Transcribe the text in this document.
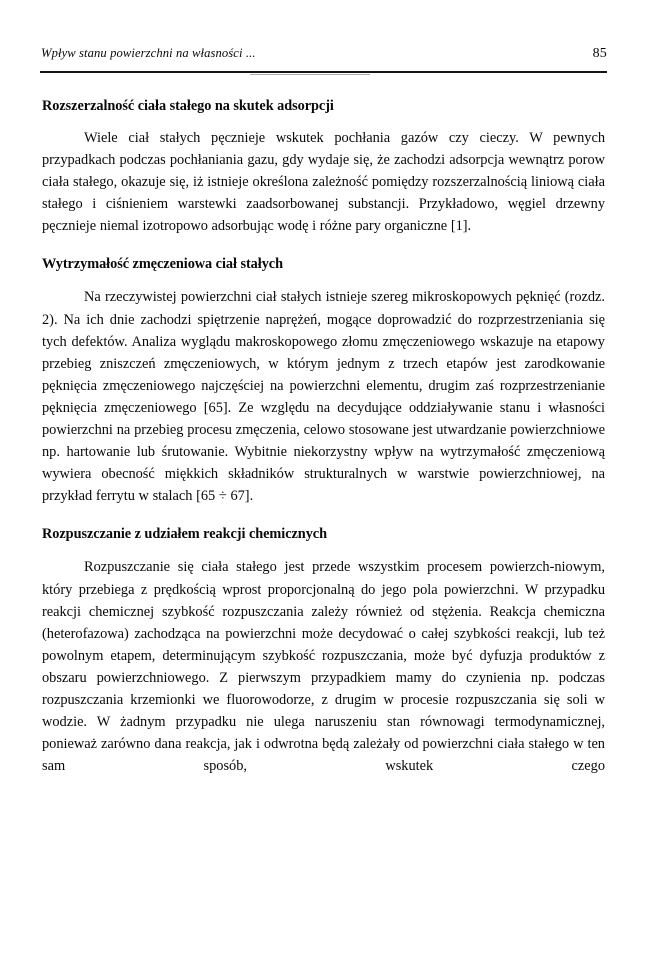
Wpływ stanu powierzchni na własności ...	85
Rozszerzalność ciała stałego na skutek adsorpcji

Wiele ciał stałych pęcznieje wskutek pochłania gazów czy cieczy. W pewnych przypadkach podczas pochłaniania gazu, gdy wydaje się, że zachodzi adsorpcja wewnątrz porow ciała stałego, okazuje się, iż istnieje określona zależność pomiędzy rozszerzalnością liniową ciała stałego i ciśnieniem warstewki zaadsorbowanej substancji. Przykładowo, węgiel drzewny pęcznieje niemal izotropowo adsorbując wodę i różne pary organiczne [1].

Wytrzymałość zmęczeniowa ciał stałych

Na rzeczywistej powierzchni ciał stałych istnieje szereg mikroskopowych pęknięć (rozdz. 2). Na ich dnie zachodzi spiętrzenie naprężeń, mogące doprowadzić do rozprzestrzeniania się tych defektów. Analiza wyglądu makroskopowego złomu zmęczeniowego wskazuje na etapowy przebieg zniszczeń zmęczeniowych, w którym jednym z trzech etapów jest zarodkowanie pęknięcia zmęczeniowego najczęściej na powierzchni elementu, drugim zaś rozprzestrzenianie pęknięcia zmęczeniowego [65]. Ze względu na decydujące oddziaływanie stanu i własności powierzchni na przebieg procesu zmęczenia, celowo stosowane jest utwardzanie powierzchniowe np. hartowanie lub śrutowanie. Wybitnie niekorzystny wpływ na wytrzymałość zmęczeniową wywiera obecność miękkich składników strukturalnych w warstwie powierzchniowej, na przykład ferrytu w stalach [65 ÷ 67].

Rozpuszczanie z udziałem reakcji chemicznych

Rozpuszczanie się ciała stałego jest przede wszystkim procesem powierzch-niowym, który przebiega z prędkością wprost proporcjonalną do jego pola powierzchni. W przypadku reakcji chemicznej szybkość rozpuszczania zależy również od stężenia. Reakcja chemiczna (heterofazowa) zachodząca na powierzchni może decydować o całej szybkości reakcji, lub też powolnym etapem, determinującym szybkość rozpuszczania, może być dyfuzja produktów z obszaru powierzchniowego. Z pierwszym przypadkiem mamy do czynienia np. podczas rozpuszczania krzemionki we fluorowodorze, z drugim w procesie rozpuszczania się soli w wodzie. W żadnym przypadku nie ulega naruszeniu stan równowagi termodynamicznej, ponieważ zarówno dana reakcja, jak i odwrotna będą zależały od powierzchni ciała stałego w ten sam sposób, wskutek czego
